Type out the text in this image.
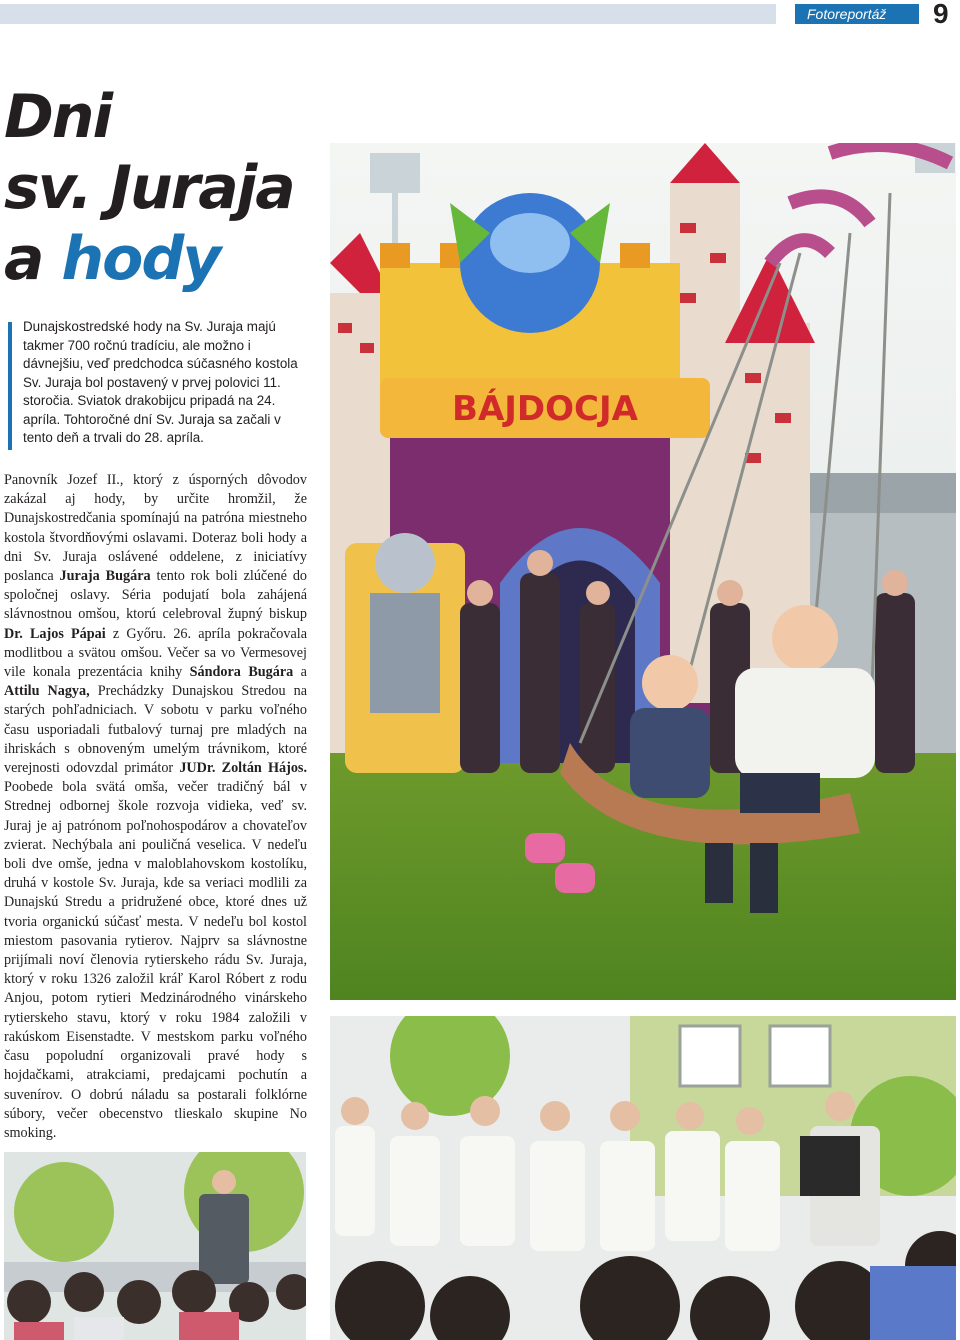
Fotoreportáž	9
Dni
sv. Juraja
a hody

Dunajskostredské hody na Sv. Juraja majú takmer 700 ročnú tradíciu, ale možno i dávnejšiu, veď predchodca súčasného kostola Sv. Juraja bol postavený v prvej polovici 11. storočia. Sviatok drakobijcu pripadá na 24. apríla. Tohtoročné dní Sv. Juraja sa začali v tento deň a trvali do 28. apríla.

Panovník Jozef II., ktorý z úsporných dôvodov zakázal aj hody, by určite hromžil, že Dunajskostredčania spomínajú na patróna miestneho kostola štvordňovými oslavami. Doteraz boli hody a dni Sv. Juraja oslávené oddelene, z iniciatívy poslanca Juraja Bugára tento rok boli zlúčené do spoločnej oslavy. Séria podujatí bola zahájená slávnostnou omšou, ktorú celebroval župný biskup Dr. Lajos Pápai z Győru. 26. apríla pokračovala modlitbou a svätou omšou. Večer sa vo Vermesovej vile konala prezentácia knihy Sándora Bugára a Attilu Nagya, Prechádzky Dunajskou Stredou na starých pohľadniciach. V sobotu v parku voľného času usporiadali futbalový turnaj pre mladých na ihriskách s obnoveným umelým trávnikom, ktoré verejnosti odovzdal primátor JUDr. Zoltán Hájos. Poobede bola svätá omša, večer tradičný bál v Strednej odbornej škole rozvoja vidieka, veď sv. Juraj je aj patrónom poľnohospodárov a chovateľov zvierat. Nechýbala ani pouličná veselica. V nedeľu boli dve omše, jedna v maloblahovskom kostolíku, druhá v kostole Sv. Juraja, kde sa veriaci modlili za Dunajskú Stredu a pridružené obce, ktoré dnes už tvoria organickú súčasť mesta. V nedeľu bol kostol miestom pasovania rytierov. Najprv sa slávnostne prijímali noví členovia rytierskeho rádu Sv. Juraja, ktorý v roku 1326 založil kráľ Karol Róbert z rodu Anjou, potom rytieri Medzinárodného vinárskeho rytierskeho stavu, ktorý v roku 1984 založili v rakúskom Eisenstadte. V mestskom parku voľného času popoludní organizovali pravé hody s hojdačkami, atrakciami, predajcami pochutín a suvenírov. O dobrú náladu sa postarali folklórne súbory, večer obecenstvo tlieskalo skupine No smoking.

BÁJDOCJA
